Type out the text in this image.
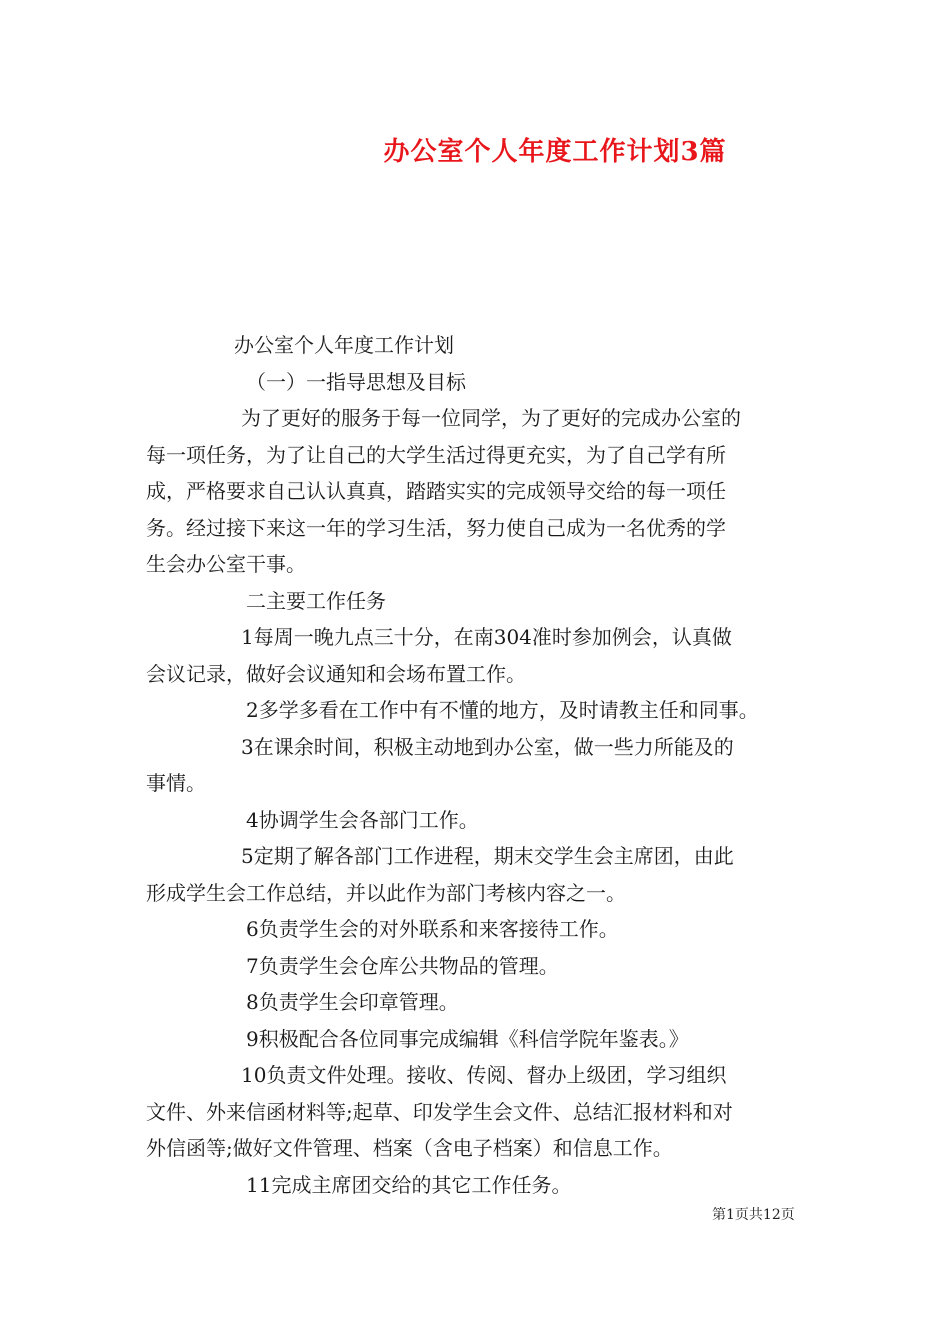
办公室个人年度工作计划3篇
办公室个人年度工作计划
（一）一指导思想及目标
为了更好的服务于每一位同学，为了更好的完成办公室的
每一项任务，为了让自己的大学生活过得更充实，为了自己学有所
成，严格要求自己认认真真，踏踏实实的完成领导交给的每一项任
务。经过接下来这一年的学习生活，努力使自己成为一名优秀的学
生会办公室干事。
二主要工作任务
1每周一晚九点三十分，在南304准时参加例会，认真做
会议记录，做好会议通知和会场布置工作。
2多学多看在工作中有不懂的地方，及时请教主任和同事。
3在课余时间，积极主动地到办公室，做一些力所能及的
事情。
4协调学生会各部门工作。
5定期了解各部门工作进程，期末交学生会主席团，由此
形成学生会工作总结，并以此作为部门考核内容之一。
6负责学生会的对外联系和来客接待工作。
7负责学生会仓库公共物品的管理。
8负责学生会印章管理。
9积极配合各位同事完成编辑《科信学院年鉴表。》
10负责文件处理。接收、传阅、督办上级团，学习组织
文件、外来信函材料等;起草、印发学生会文件、总结汇报材料和对
外信函等;做好文件管理、档案（含电子档案）和信息工作。
11完成主席团交给的其它工作任务。
第1页共12页
